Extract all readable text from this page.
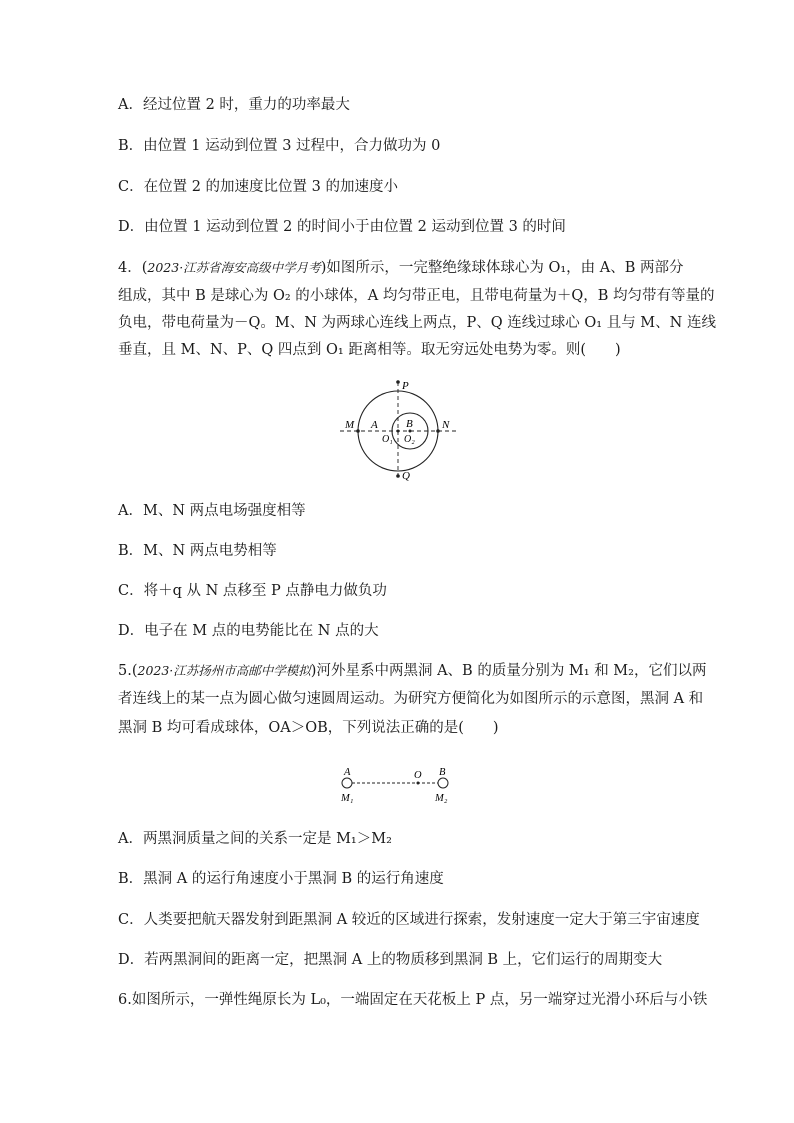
A．经过位置 2 时，重力的功率最大
B．由位置 1 运动到位置 3 过程中，合力做功为 0
C．在位置 2 的加速度比位置 3 的加速度小
D．由位置 1 运动到位置 2 的时间小于由位置 2 运动到位置 3 的时间
4．(2023·江苏省海安高级中学月考)如图所示，一完整绝缘球体球心为 O₁，由 A、B 两部分
组成，其中 B 是球心为 O₂ 的小球体，A 均匀带正电，且带电荷量为＋Q，B 均匀带有等量的
负电，带电荷量为－Q。M、N 为两球心连线上两点，P、Q 连线过球心 O₁ 且与 M、N 连线
垂直，且 M、N、P、Q 四点到 O₁ 距离相等。取无穷远处电势为零。则(　　)
P
Q
M	N
A	B
O₁ O₂
A．M、N 两点电场强度相等
B．M、N 两点电势相等
C．将＋q 从 N 点移至 P 点静电力做负功
D．电子在 M 点的电势能比在 N 点的大
5.(2023·江苏扬州市高邮中学模拟)河外星系中两黑洞 A、B 的质量分别为 M₁ 和 M₂，它们以两
者连线上的某一点为圆心做匀速圆周运动。为研究方便简化为如图所示的示意图，黑洞 A 和
黑洞 B 均可看成球体，OA＞OB，下列说法正确的是(　　)
A	O B
M₁	M₂
A．两黑洞质量之间的关系一定是 M₁＞M₂
B．黑洞 A 的运行角速度小于黑洞 B 的运行角速度
C．人类要把航天器发射到距黑洞 A 较近的区域进行探索，发射速度一定大于第三宇宙速度
D．若两黑洞间的距离一定，把黑洞 A 上的物质移到黑洞 B 上，它们运行的周期变大
6.如图所示，一弹性绳原长为 L₀，一端固定在天花板上 P 点，另一端穿过光滑小环后与小铁
